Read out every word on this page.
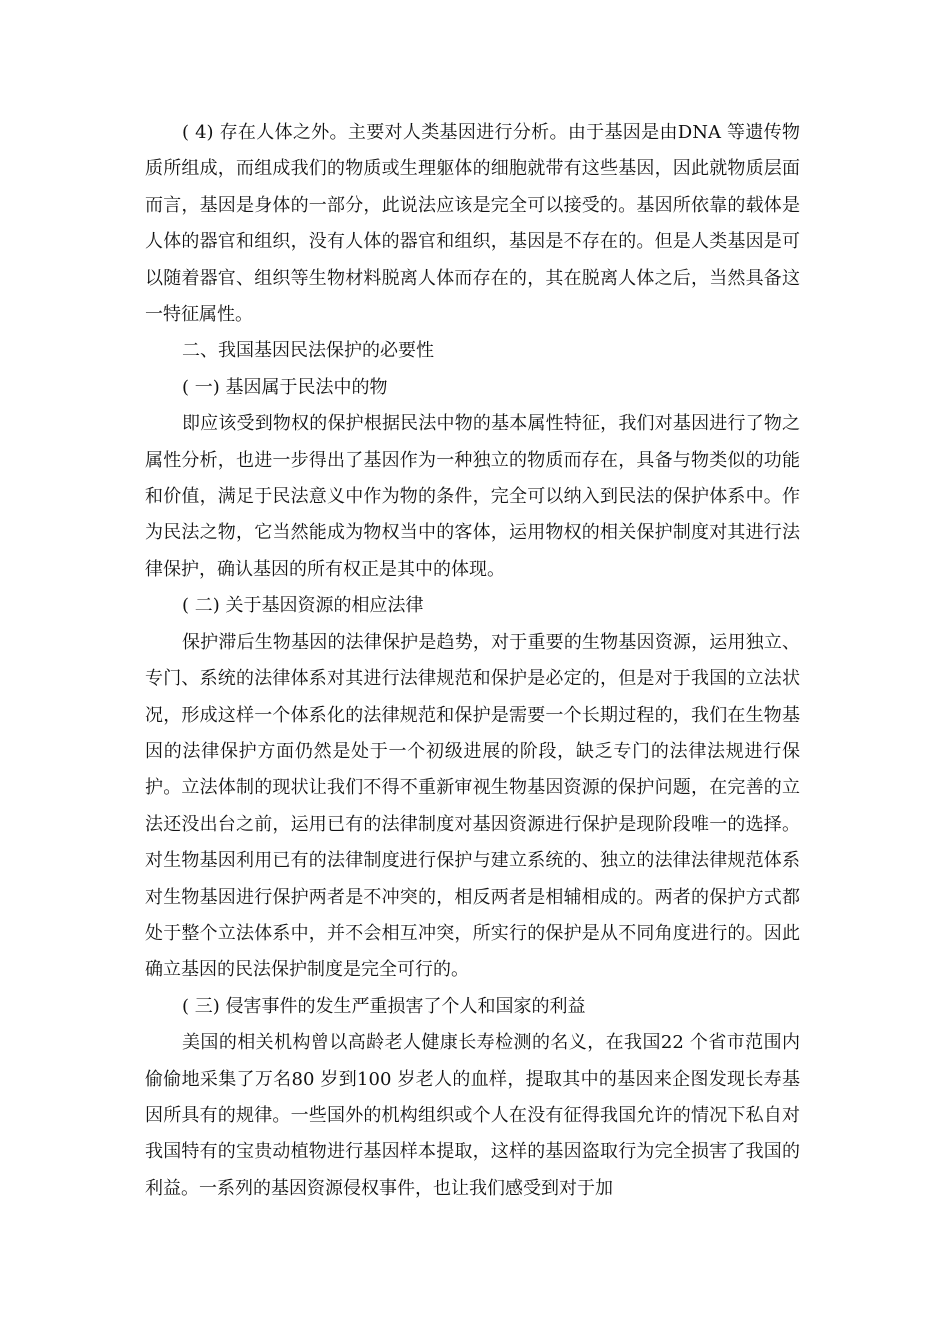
( 4) 存在人体之外。主要对人类基因进行分析。由于基因是由DNA 等遗传物质所组成，而组成我们的物质或生理躯体的细胞就带有这些基因，因此就物质层面而言，基因是身体的一部分，此说法应该是完全可以接受的。基因所依靠的载体是人体的器官和组织，没有人体的器官和组织，基因是不存在的。但是人类基因是可以随着器官、组织等生物材料脱离人体而存在的，其在脱离人体之后，当然具备这一特征属性。

二、我国基因民法保护的必要性

( 一) 基因属于民法中的物

即应该受到物权的保护根据民法中物的基本属性特征，我们对基因进行了物之属性分析，也进一步得出了基因作为一种独立的物质而存在，具备与物类似的功能和价值，满足于民法意义中作为物的条件，完全可以纳入到民法的保护体系中。作为民法之物，它当然能成为物权当中的客体，运用物权的相关保护制度对其进行法律保护，确认基因的所有权正是其中的体现。

( 二) 关于基因资源的相应法律

保护滞后生物基因的法律保护是趋势，对于重要的生物基因资源，运用独立、专门、系统的法律体系对其进行法律规范和保护是必定的，但是对于我国的立法状况，形成这样一个体系化的法律规范和保护是需要一个长期过程的，我们在生物基因的法律保护方面仍然是处于一个初级进展的阶段，缺乏专门的法律法规进行保护。立法体制的现状让我们不得不重新审视生物基因资源的保护问题，在完善的立法还没出台之前，运用已有的法律制度对基因资源进行保护是现阶段唯一的选择。对生物基因利用已有的法律制度进行保护与建立系统的、独立的法律法律规范体系对生物基因进行保护两者是不冲突的，相反两者是相辅相成的。两者的保护方式都处于整个立法体系中，并不会相互冲突，所实行的保护是从不同角度进行的。因此确立基因的民法保护制度是完全可行的。

( 三) 侵害事件的发生严重损害了个人和国家的利益

美国的相关机构曾以高龄老人健康长寿检测的名义，在我国22 个省市范围内偷偷地采集了万名80 岁到100 岁老人的血样，提取其中的基因来企图发现长寿基因所具有的规律。一些国外的机构组织或个人在没有征得我国允许的情况下私自对我国特有的宝贵动植物进行基因样本提取，这样的基因盗取行为完全损害了我国的利益。一系列的基因资源侵权事件，也让我们感受到对于加
